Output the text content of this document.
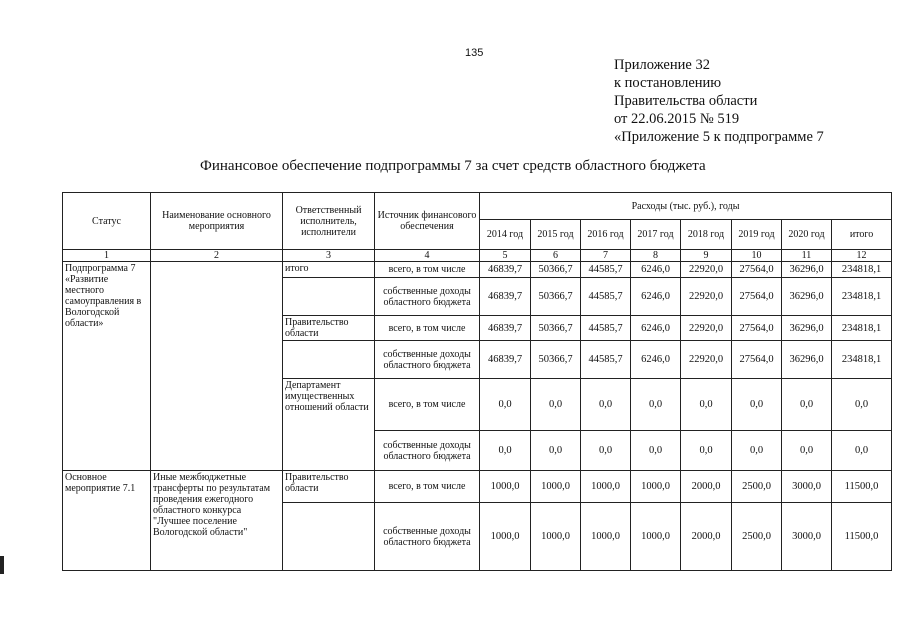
135
Приложение 32
к постановлению
Правительства области
от 22.06.2015 № 519
«Приложение 5 к подпрограмме 7
Финансовое обеспечение подпрограммы 7 за счет средств областного бюджета
Статус	Наименование основного мероприятия	Ответственный исполнитель, исполнители	Источник финансового обеспечения	Расходы (тыс. руб.), годы							
				2014 год	2015 год	2016 год	2017 год	2018 год	2019 год	2020 год	итого
1	2	3	4	5	6	7	8	9	10	11	12
Подпрограмма 7 «Развитие местного самоуправления в Вологодской области»		итого	всего, в том числе	46839,7	50366,7	44585,7	6246,0	22920,0	27564,0	36296,0	234818,1
			собственные доходы областного бюджета	46839,7	50366,7	44585,7	6246,0	22920,0	27564,0	36296,0	234818,1
		Правительство области	всего, в том числе	46839,7	50366,7	44585,7	6246,0	22920,0	27564,0	36296,0	234818,1
			собственные доходы областного бюджета	46839,7	50366,7	44585,7	6246,0	22920,0	27564,0	36296,0	234818,1
		Департамент имущественных отношений области	всего, в том числе	0,0	0,0	0,0	0,0	0,0	0,0	0,0	0,0
			собственные доходы областного бюджета	0,0	0,0	0,0	0,0	0,0	0,0	0,0	0,0
Основное мероприятие 7.1	Иные межбюджетные трансферты по результатам проведения ежегодного областного конкурса "Лучшее поселение Вологодской области"	Правительство области	всего, в том числе	1000,0	1000,0	1000,0	1000,0	2000,0	2500,0	3000,0	11500,0
			собственные доходы областного бюджета	1000,0	1000,0	1000,0	1000,0	2000,0	2500,0	3000,0	11500,0
